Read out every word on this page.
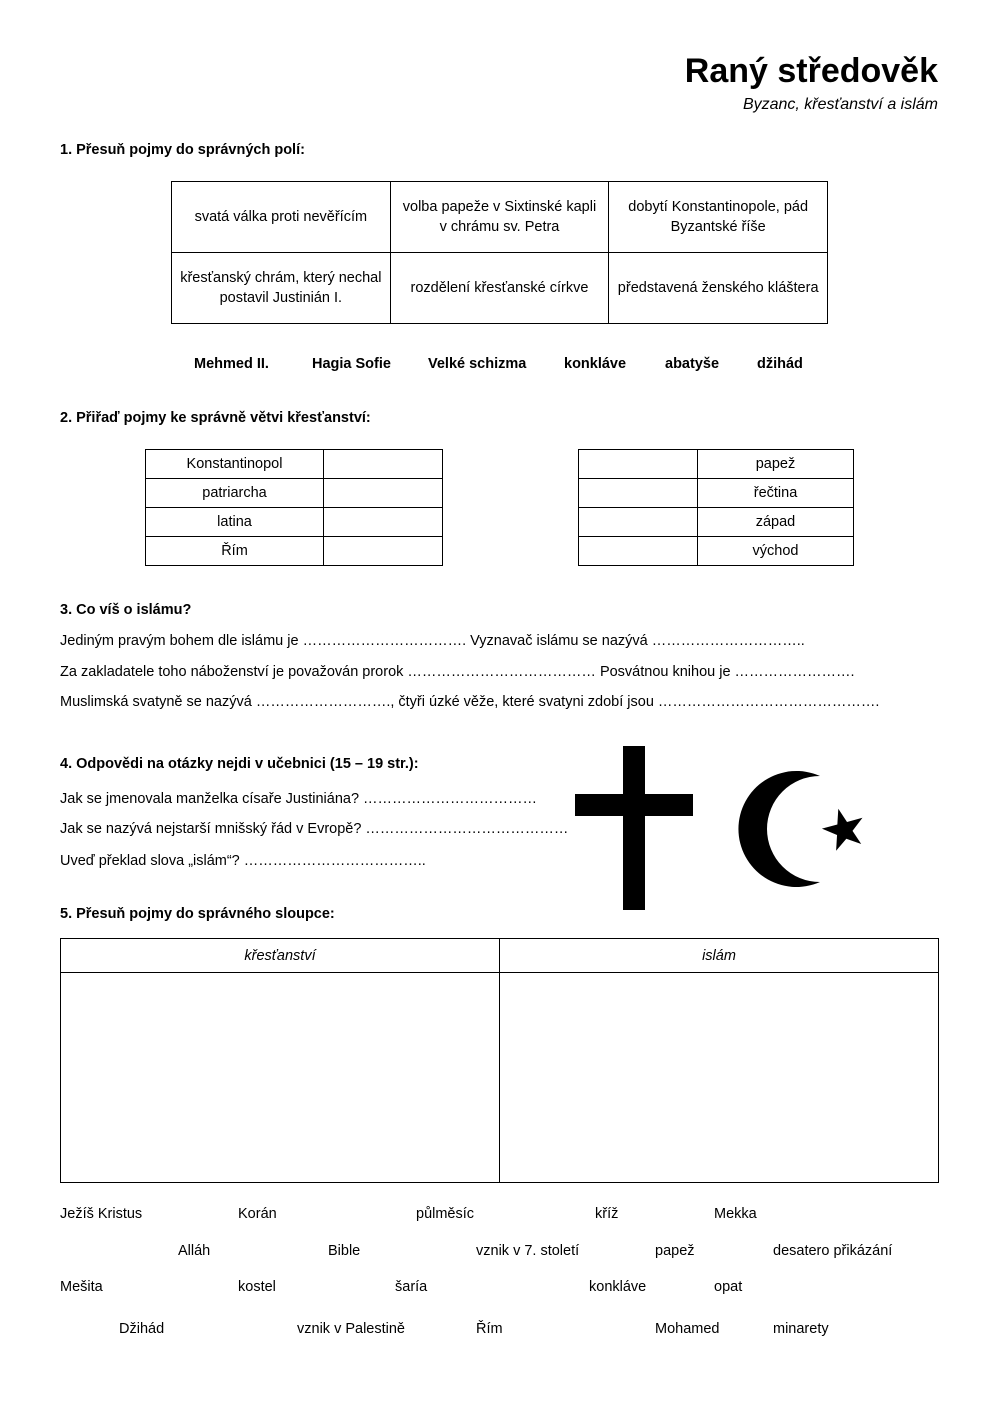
Raný středověk
Byzanc, křesťanství a islám
1. Přesuň pojmy do správných polí:
svatá válka proti nevěřícím	volba papeže v Sixtinské kapli v chrámu sv. Petra	dobytí Konstantinopole, pád Byzantské říše
křesťanský chrám, který nechal postavil Justinián I.	rozdělení křesťanské církve	představená ženského kláštera
Mehmed II.	Hagia Sofie	Velké schizma	konkláve	abatyše	džihád
2. Přiřaď pojmy ke správně větvi křesťanství:
Konstantinopol	
patriarcha	
latina	
Řím	
	papež
	řečtina
	západ
	východ
3. Co víš o islámu?
Jediným pravým bohem dle islámu je ……………………………. Vyznavač islámu se nazývá …………………………..
Za zakladatele toho náboženství je považován prorok ………………………………… Posvátnou knihou je …………………….
Muslimská svatyně se nazývá ………………………., čtyři úzké věže, které svatyni zdobí jsou ……………………………………….
4. Odpovědi na otázky nejdi v učebnici (15 – 19 str.):
Jak se jmenovala manželka císaře Justiniána? ………………………………
Jak se nazývá nejstarší mnišský řád v Evropě? ……………………………………
Uveď překlad slova „islám“? ………………………………..
5. Přesuň pojmy do správného sloupce:
křesťanství	islám

Ježíš Kristus	Korán	půlměsíc	kříž	Mekka
Alláh	Bible	vznik v 7. století	papež	desatero přikázání
Mešita	kostel	šaría	konkláve	opat
Džihád	vznik v Palestině	Řím	Mohamed	minarety
